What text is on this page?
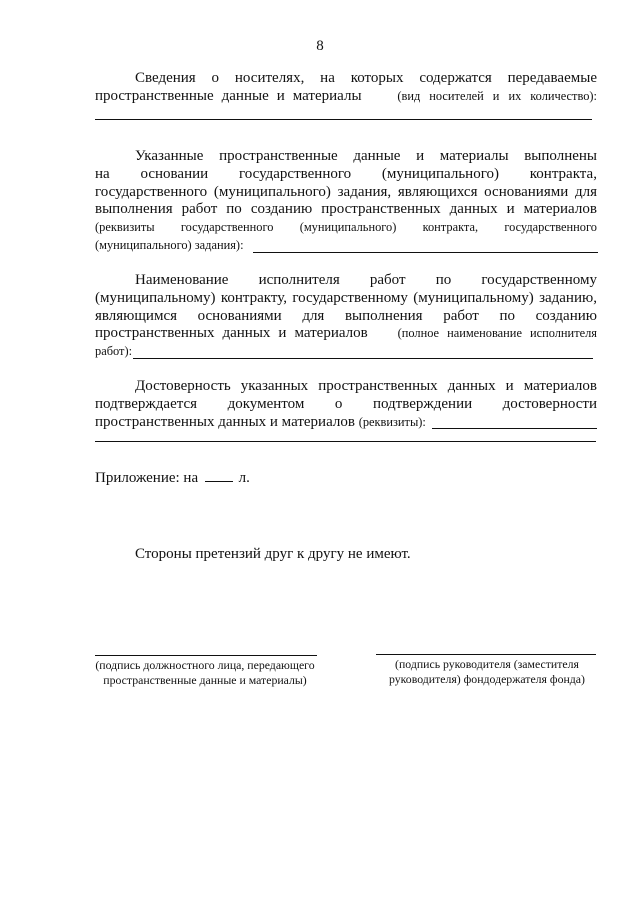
8
Сведения о носителях, на которых содержатся передаваемые
пространственные данные и материалы	(вид носителей и их количество):
Указанные пространственные данные и материалы выполнены
на основании государственного (муниципального) контракта,
государственного (муниципального) задания, являющихся основаниями для
выполнения работ по созданию пространственных данных и материалов
(реквизиты государственного (муниципального) контракта, государственного
(муниципального) задания):
Наименование исполнителя работ по государственному
(муниципальному) контракту, государственному (муниципальному) заданию,
являющимся основаниями для выполнения работ по созданию
пространственных данных и материалов (полное наименование исполнителя
работ):
Достоверность указанных пространственных данных и материалов
подтверждается документом о подтверждении достоверности
пространственных данных и материалов (реквизиты):
Приложение: на	л.
Стороны претензий друг к другу не имеют.
(подпись должностного лица, передающего
пространственные данные и материалы)
(подпись руководителя (заместителя
руководителя) фондодержателя фонда)
